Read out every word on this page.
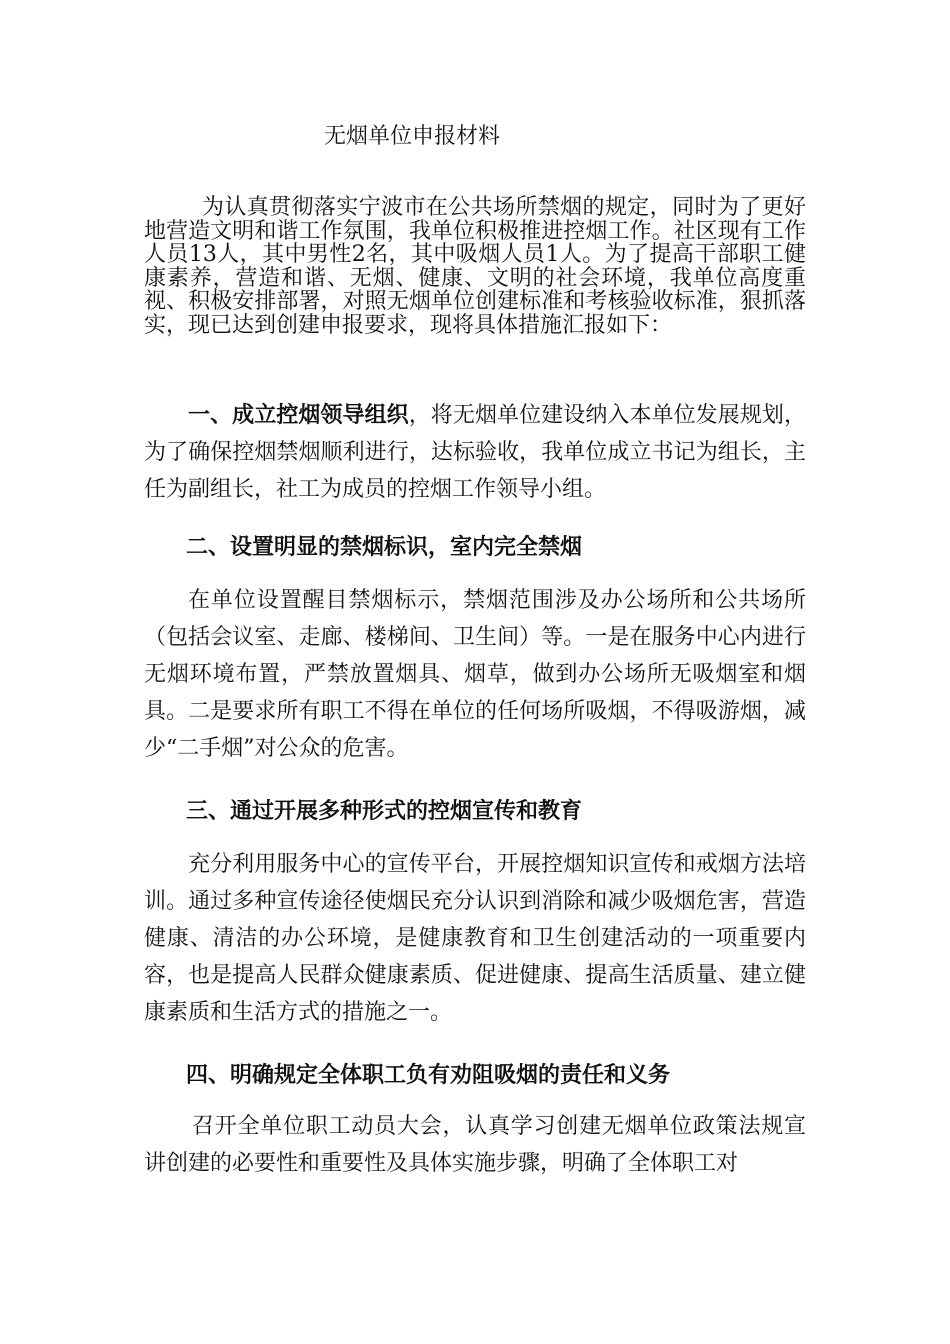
无烟单位申报材料

为认真贯彻落实宁波市在公共场所禁烟的规定，同时为了更好地营造文明和谐工作氛围，我单位积极推进控烟工作。社区现有工作人员13人，其中男性2名，其中吸烟人员1人。为了提高干部职工健康素养，营造和谐、无烟、健康、文明的社会环境，我单位高度重视、积极安排部署，对照无烟单位创建标准和考核验收标准，狠抓落实，现已达到创建申报要求，现将具体措施汇报如下：

一、成立控烟领导组织，将无烟单位建设纳入本单位发展规划，为了确保控烟禁烟顺利进行，达标验收，我单位成立书记为组长，主任为副组长，社工为成员的控烟工作领导小组。

二、设置明显的禁烟标识，室内完全禁烟

在单位设置醒目禁烟标示，禁烟范围涉及办公场所和公共场所（包括会议室、走廊、楼梯间、卫生间）等。一是在服务中心内进行无烟环境布置，严禁放置烟具、烟草，做到办公场所无吸烟室和烟具。二是要求所有职工不得在单位的任何场所吸烟，不得吸游烟，减少“二手烟”对公众的危害。

三、通过开展多种形式的控烟宣传和教育

充分利用服务中心的宣传平台，开展控烟知识宣传和戒烟方法培训。通过多种宣传途径使烟民充分认识到消除和减少吸烟危害，营造健康、清洁的办公环境，是健康教育和卫生创建活动的一项重要内容，也是提高人民群众健康素质、促进健康、提高生活质量、建立健康素质和生活方式的措施之一。

四、明确规定全体职工负有劝阻吸烟的责任和义务

召开全单位职工动员大会，认真学习创建无烟单位政策法规宣讲创建的必要性和重要性及具体实施步骤，明确了全体职工对
